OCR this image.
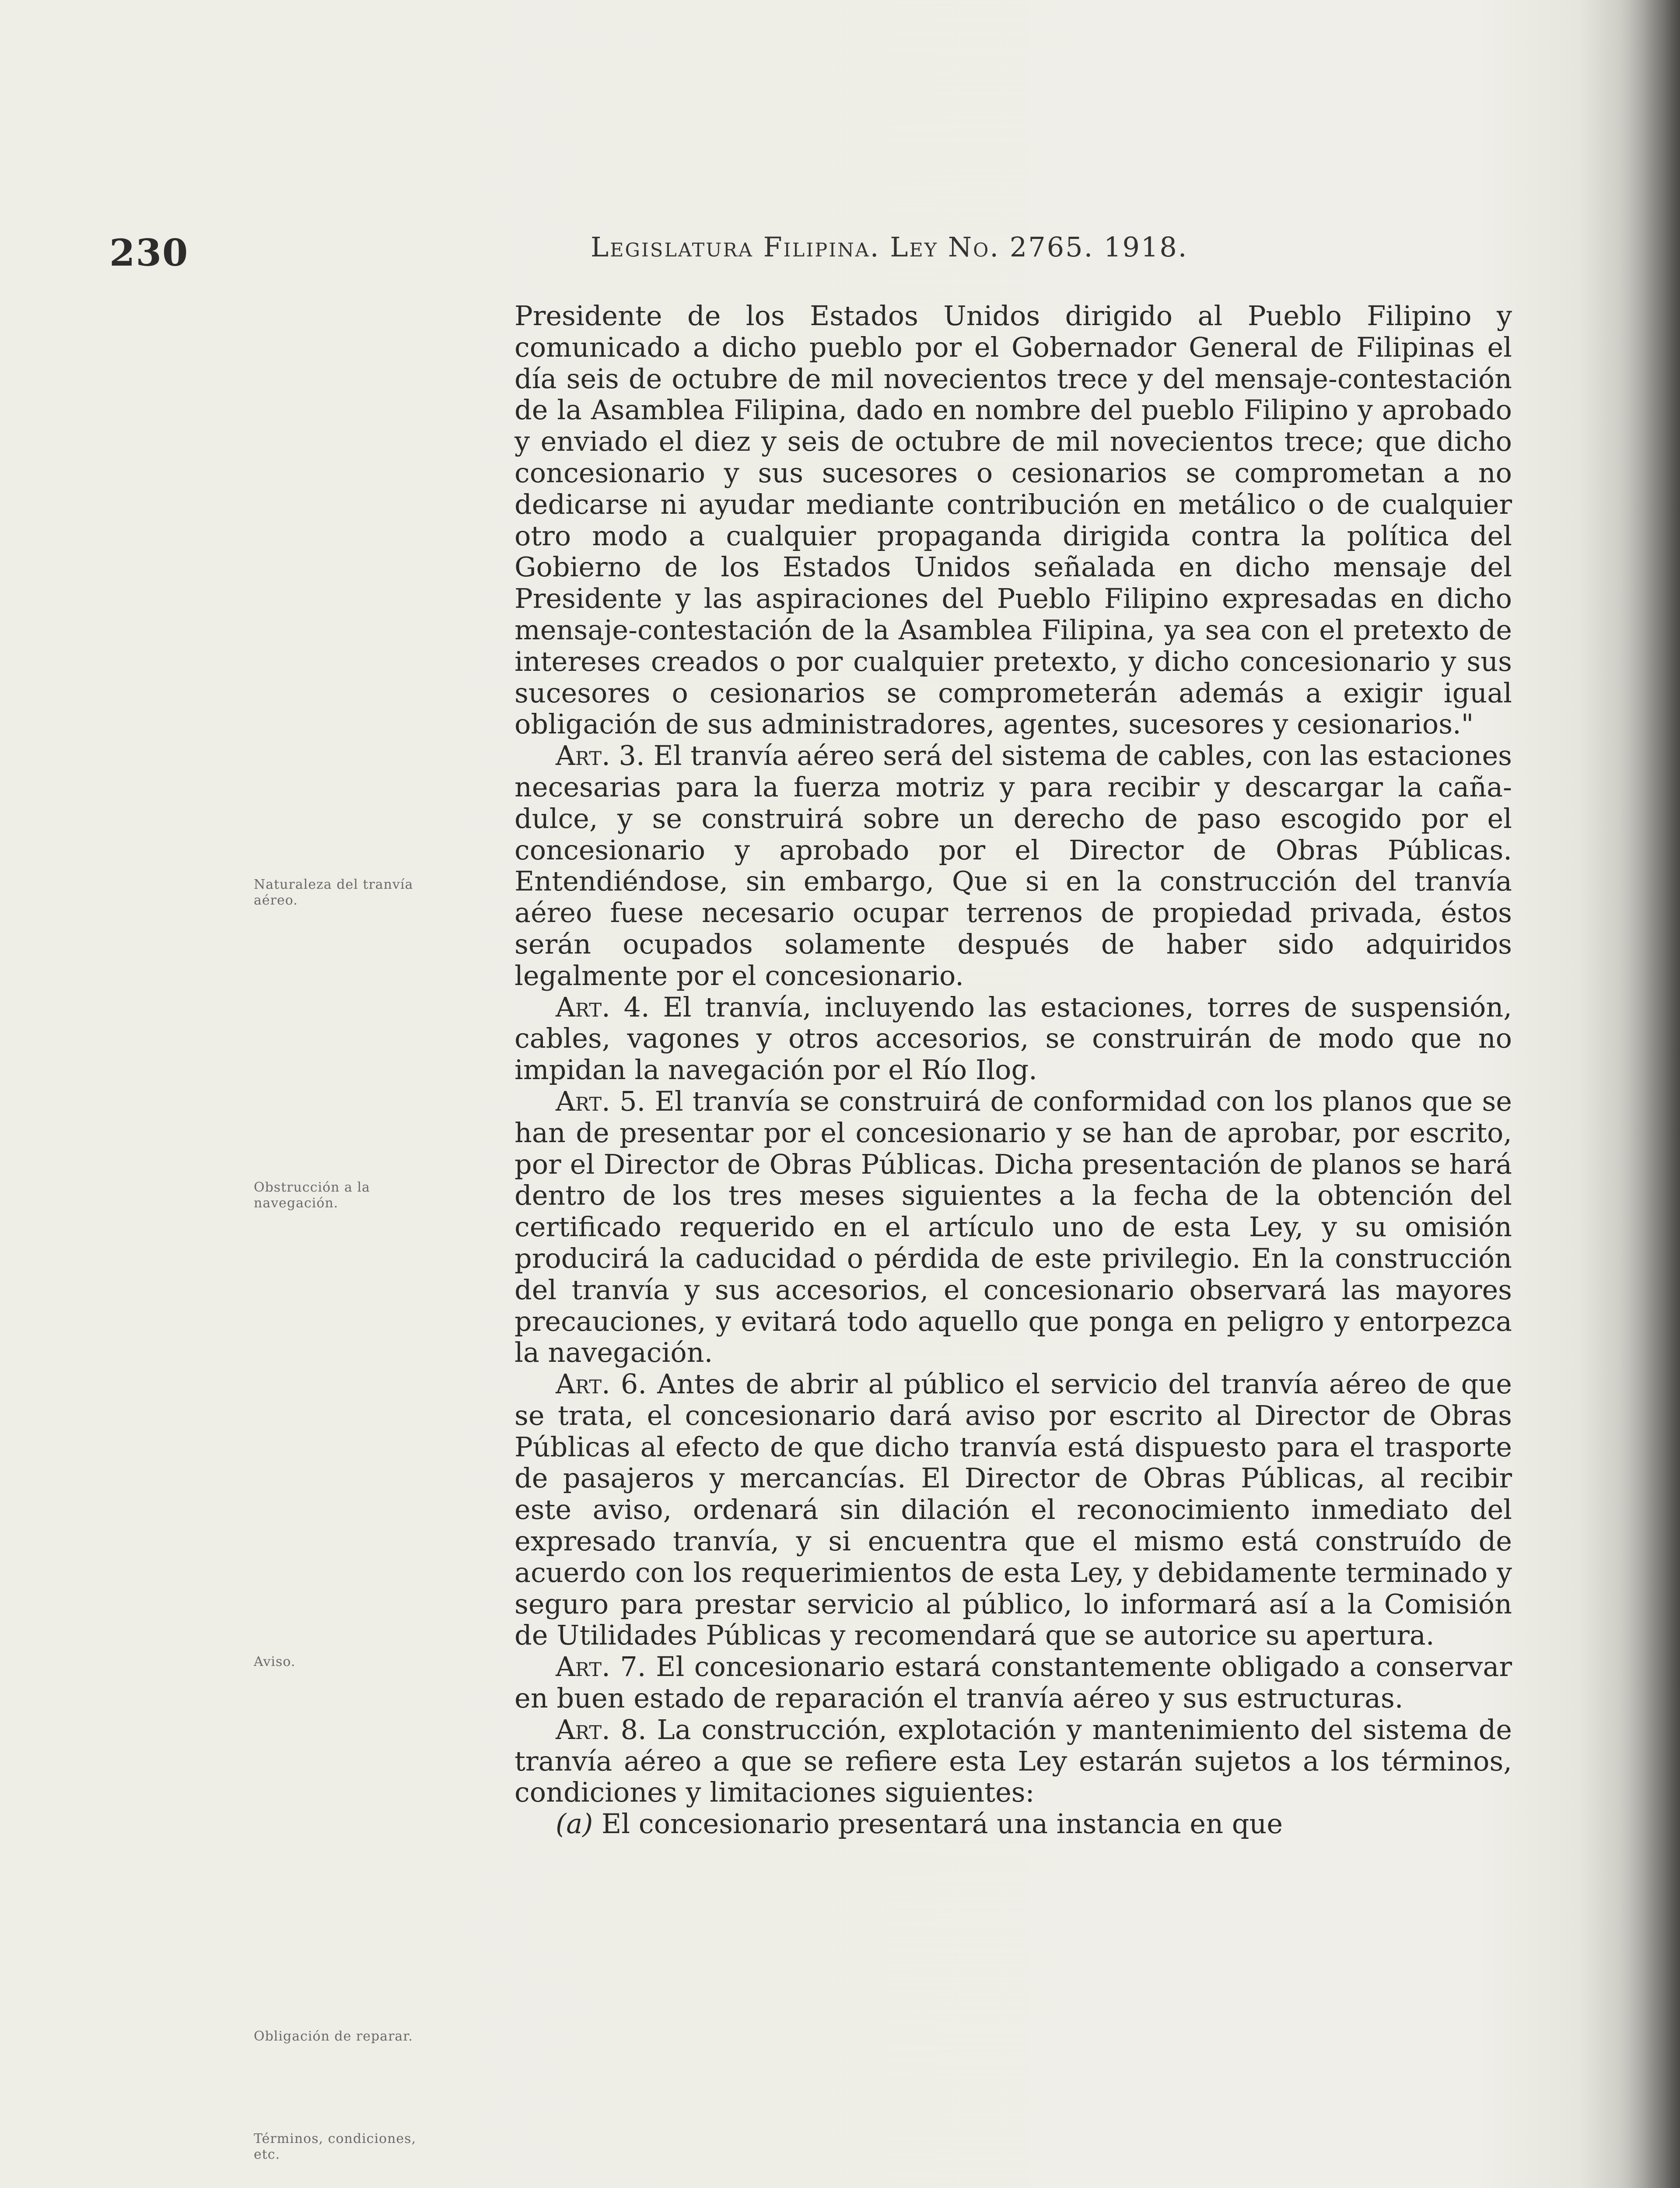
230	Legislatura Filipina. Ley No. 2765. 1918.
Naturaleza del tranvía aéreo.
Obstrucción a la navegación.
Aviso.
Obligación de reparar.
Términos, condiciones, etc.

Presidente de los Estados Unidos dirigido al Pueblo Filipino y comunicado a dicho pueblo por el Gobernador General de Filipinas el día seis de octubre de mil novecientos trece y del mensaje-contestación de la Asamblea Filipina, dado en nombre del pueblo Filipino y aprobado y enviado el diez y seis de octubre de mil novecientos trece; que dicho concesionario y sus sucesores o cesionarios se comprometan a no dedicarse ni ayudar mediante contribución en metálico o de cualquier otro modo a cualquier propaganda dirigida contra la política del Gobierno de los Estados Unidos señalada en dicho mensaje del Presidente y las aspiraciones del Pueblo Filipino expresadas en dicho mensaje-contestación de la Asamblea Filipina, ya sea con el pretexto de intereses creados o por cualquier pretexto, y dicho concesionario y sus sucesores o cesionarios se comprometerán además a exigir igual obligación de sus administradores, agentes, sucesores y cesionarios."

Art. 3. El tranvía aéreo será del sistema de cables, con las estaciones necesarias para la fuerza motriz y para recibir y descargar la caña-dulce, y se construirá sobre un derecho de paso escogido por el concesionario y aprobado por el Director de Obras Públicas. Entendiéndose, sin embargo, Que si en la construcción del tranvía aéreo fuese necesario ocupar terrenos de propiedad privada, éstos serán ocupados solamente después de haber sido adquiridos legalmente por el concesionario.

Art. 4. El tranvía, incluyendo las estaciones, torres de suspensión, cables, vagones y otros accesorios, se construirán de modo que no impidan la navegación por el Río Ilog.

Art. 5. El tranvía se construirá de conformidad con los planos que se han de presentar por el concesionario y se han de aprobar, por escrito, por el Director de Obras Públicas. Dicha presentación de planos se hará dentro de los tres meses siguientes a la fecha de la obtención del certificado requerido en el artículo uno de esta Ley, y su omisión producirá la caducidad o pérdida de este privilegio. En la construcción del tranvía y sus accesorios, el concesionario observará las mayores precauciones, y evitará todo aquello que ponga en peligro y entorpezca la navegación.

Art. 6. Antes de abrir al público el servicio del tranvía aéreo de que se trata, el concesionario dará aviso por escrito al Director de Obras Públicas al efecto de que dicho tranvía está dispuesto para el trasporte de pasajeros y mercancías. El Director de Obras Públicas, al recibir este aviso, ordenará sin dilación el reconocimiento inmediato del expresado tranvía, y si encuentra que el mismo está construído de acuerdo con los requerimientos de esta Ley, y debidamente terminado y seguro para prestar servicio al público, lo informará así a la Comisión de Utilidades Públicas y recomendará que se autorice su apertura.

Art. 7. El concesionario estará constantemente obligado a conservar en buen estado de reparación el tranvía aéreo y sus estructuras.

Art. 8. La construcción, explotación y mantenimiento del sistema de tranvía aéreo a que se refiere esta Ley estarán sujetos a los términos, condiciones y limitaciones siguientes:

(a) El concesionario presentará una instancia en que
